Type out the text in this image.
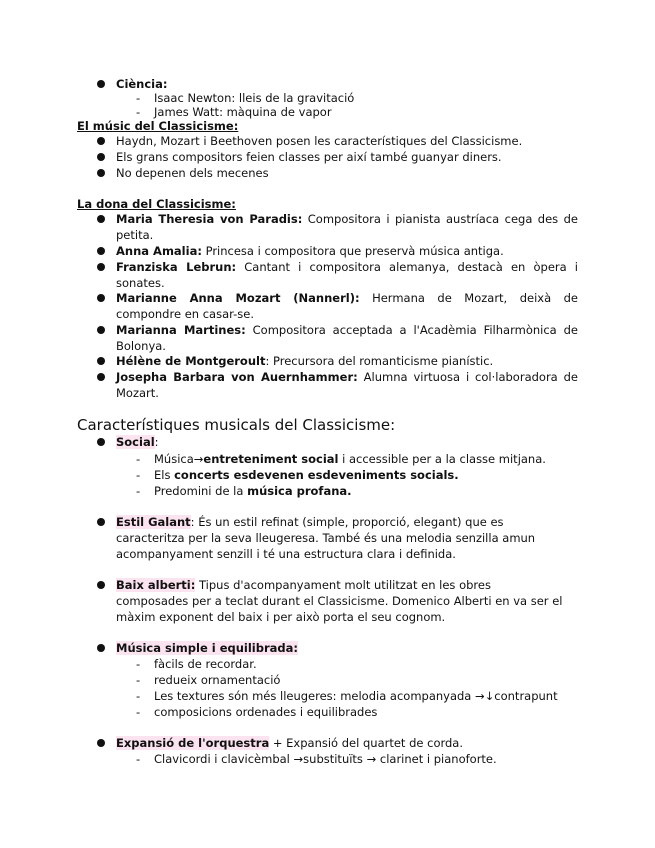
Ciència:
- Isaac Newton: lleis de la gravitació
- James Watt: màquina de vapor
El músic del Classicisme:
Haydn, Mozart i Beethoven posen les característiques del Classicisme.
Els grans compositors feien classes per així també guanyar diners.
No depenen dels mecenes
La dona del Classicisme:
Maria Theresia von Paradis: Compositora i pianista austríaca cega des de
petita.
Anna Amalia: Princesa i compositora que preservà música antiga.
Franziska Lebrun: Cantant i compositora alemanya, destacà en òpera i
sonates.
Marianne Anna Mozart (Nannerl): Hermana de Mozart, deixà de
compondre en casar-se.
Marianna Martines: Compositora acceptada a l'Acadèmia Filharmònica de
Bolonya.
Hélène de Montgeroult: Precursora del romanticisme pianístic.
Josepha Barbara von Auernhammer: Alumna virtuosa i col·laboradora de
Mozart.
Característiques musicals del Classicisme:
Social:
- Música→entreteniment social i accessible per a la classe mitjana.
- Els concerts esdevenen esdeveniments socials.
- Predomini de la música profana.
Estil Galant: És un estil refinat (simple, proporció, elegant) que es
caracteritza per la seva lleugeresa. També és una melodia senzilla amun
acompanyament senzill i té una estructura clara i definida.
Baix alberti: Tipus d'acompanyament molt utilitzat en les obres
composades per a teclat durant el Classicisme. Domenico Alberti en va ser el
màxim exponent del baix i per això porta el seu cognom.
Música simple i equilibrada:
- fàcils de recordar.
- redueix ornamentació
- Les textures són més lleugeres: melodia acompanyada →↓contrapunt
- composicions ordenades i equilibrades
Expansió de l'orquestra + Expansió del quartet de corda.
- Clavicordi i clavicèmbal →substituïts → clarinet i pianoforte.
